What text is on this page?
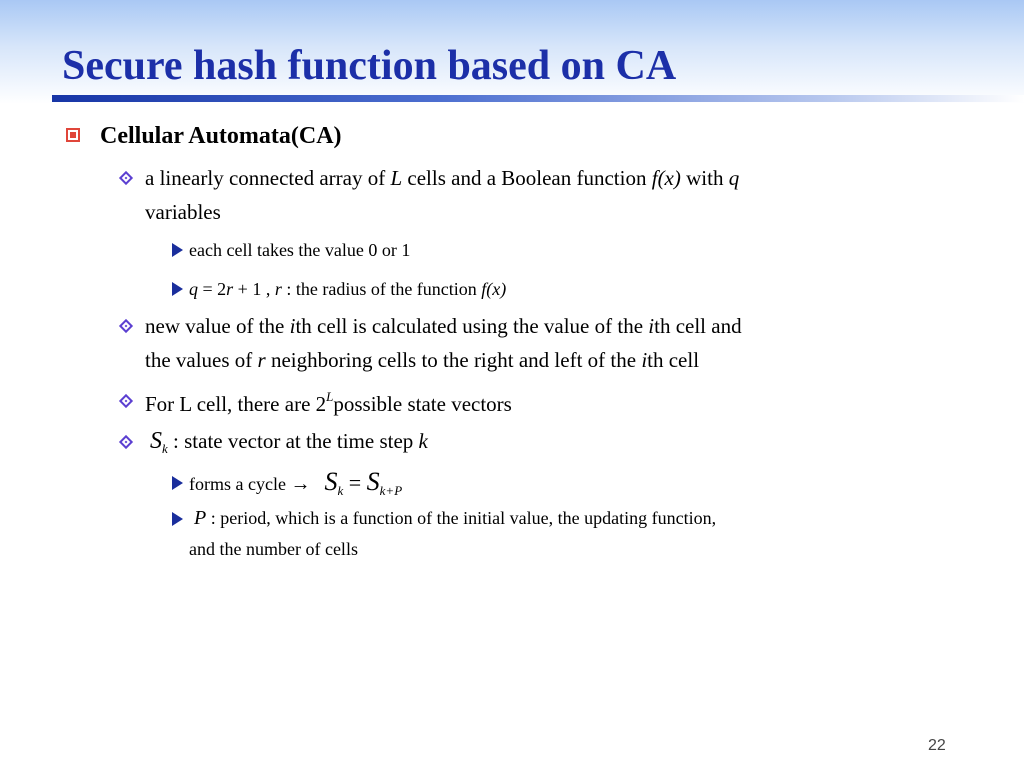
Secure hash function based on CA
Cellular Automata(CA)
a linearly connected array of L cells and a Boolean function f(x) with q
variables
each cell takes the value 0 or 1
q = 2r + 1 , r : the radius of the function f(x)
new value of the ith cell is calculated using the value of the ith cell and
the values of r neighboring cells to the right and left of the ith cell
For L cell, there are $2^Lpossible$ state vectors
$S_k$ : state vector at the time step k
forms a cycle → $S_k = S_{k+P}$
P : period, which is a function of the initial value, the updating function,
and the number of cells
22
